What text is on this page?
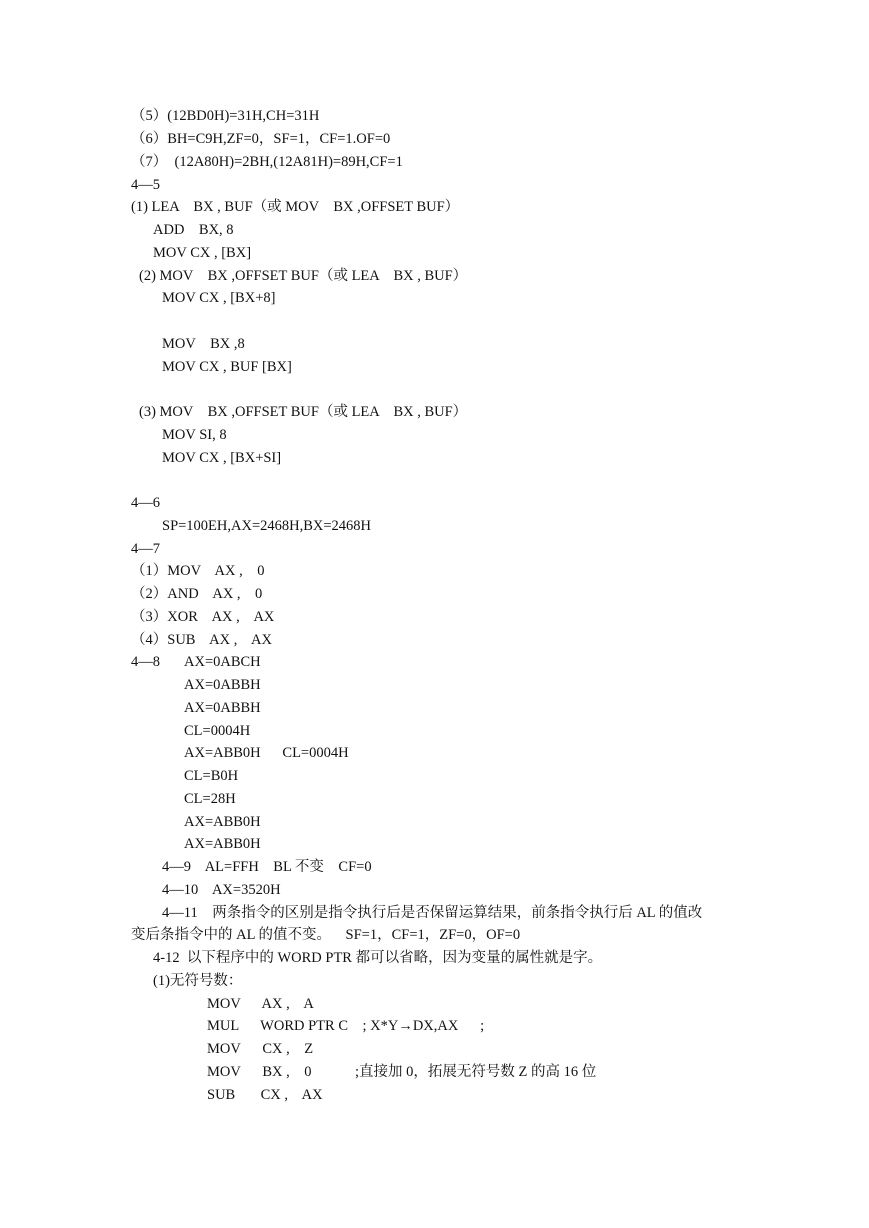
（5）(12BD0H)=31H,CH=31H
（6）BH=C9H,ZF=0，SF=1，CF=1.OF=0
（7）  (12A80H)=2BH,(12A81H)=89H,CF=1
4—5
(1) LEA    BX , BUF（或 MOV    BX ,OFFSET BUF）
ADD    BX, 8
MOV CX , [BX]
(2) MOV    BX ,OFFSET BUF（或 LEA    BX , BUF）
MOV CX , [BX+8]
MOV    BX ,8
MOV CX , BUF [BX]
(3) MOV    BX ,OFFSET BUF（或 LEA    BX , BUF）
MOV SI, 8
MOV CX , [BX+SI]
4—6
SP=100EH,AX=2468H,BX=2468H
4—7
（1）MOV    AX ,    0
（2）AND    AX ,    0
（3）XOR    AX ,    AX
（4）SUB    AX ,    AX
4—8 AX=0ABCH
AX=0ABBH
AX=0ABBH
CL=0004H
AX=ABB0H      CL=0004H
CL=B0H
CL=28H
AX=ABB0H
AX=ABB0H
4—9    AL=FFH    BL 不变    CF=0
4—10    AX=3520H
4—11    两条指令的区别是指令执行后是否保留运算结果，前条指令执行后 AL 的值改
变后条指令中的 AL 的值不变。    SF=1，CF=1，ZF=0，OF=0
4-12  以下程序中的 WORD PTR 都可以省略，因为变量的属性就是字。
(1)无符号数：
MOV      AX ,    A
MUL      WORD PTR C    ; X*Y→DX,AX      ;
MOV      CX ,    Z
MOV      BX ,    0            ;直接加 0，拓展无符号数 Z 的高 16 位
SUB       CX ,    AX
